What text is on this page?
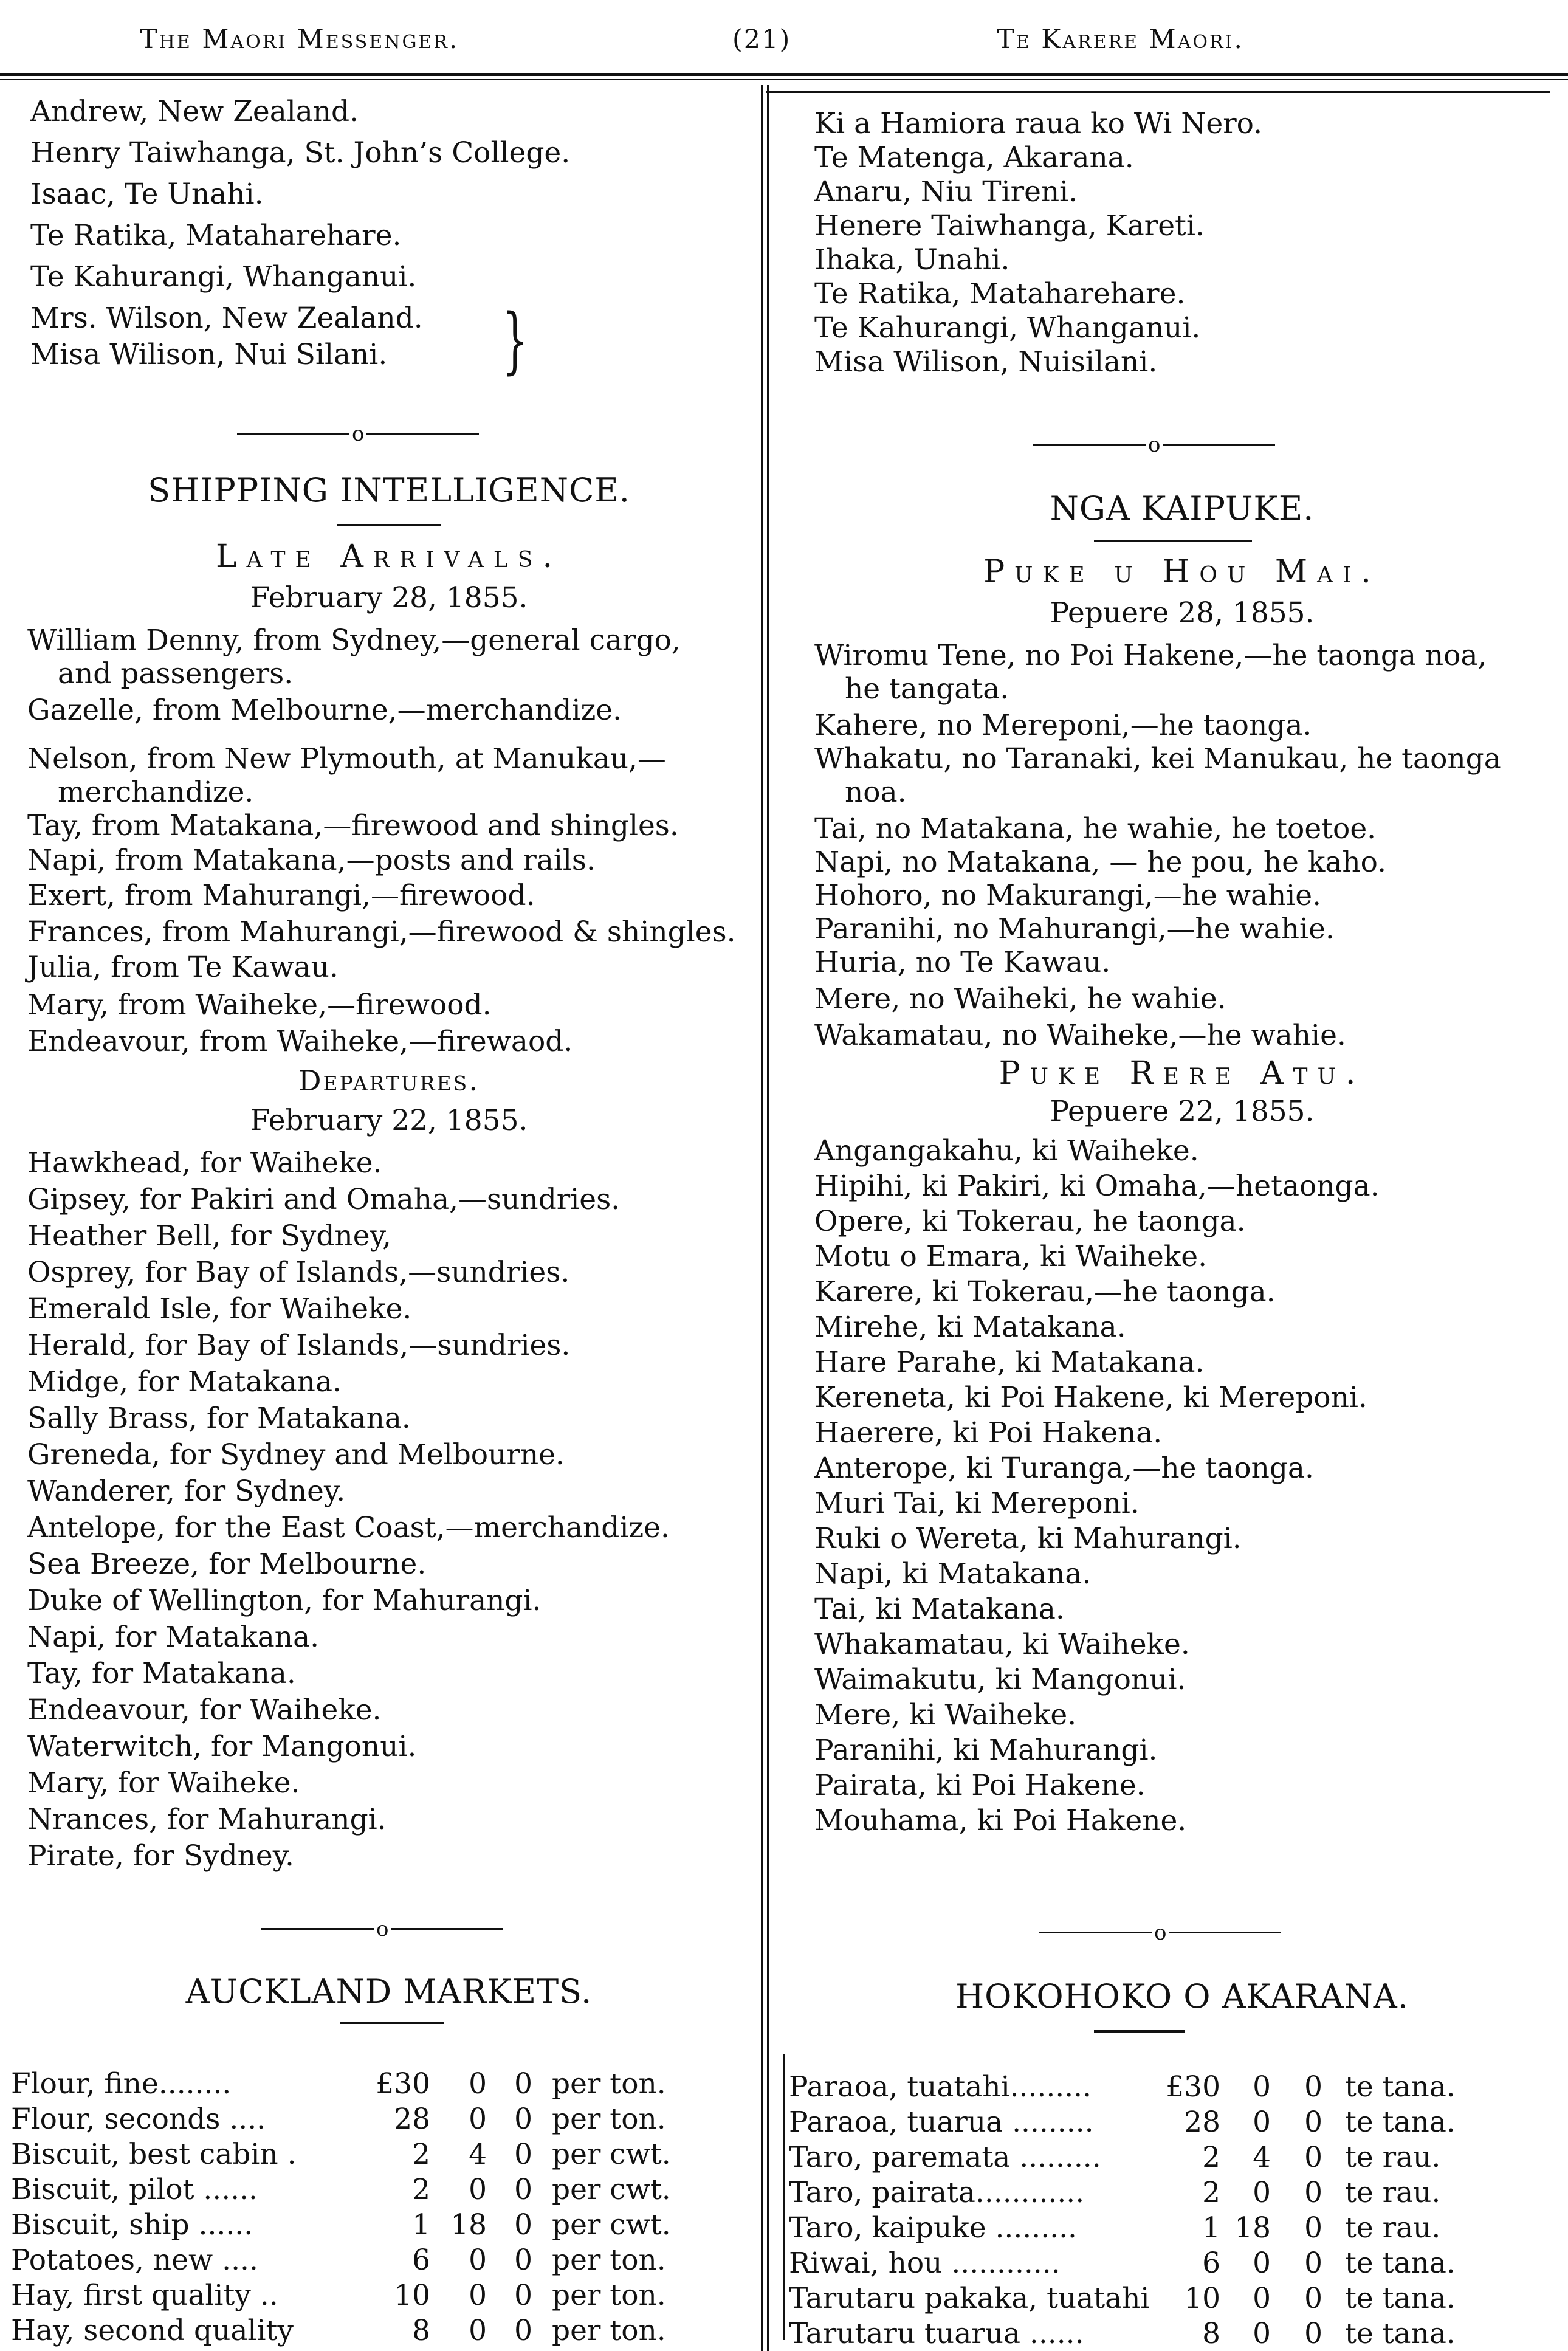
The Maori Messenger.	(21)	Te Karere Maori.
Andrew, New Zealand.
Henry Taiwhanga, St. John’s College.
Isaac, Te Unahi.
Te Ratika, Mataharehare.
Te Kahurangi, Whanganui.
Mrs. Wilson, New Zealand.
Misa Wilison, Nui Silani. }
o
SHIPPING INTELLIGENCE.
Late Arrivals.
February 28, 1855.
William Denny, from Sydney,—general cargo,
and passengers.
Gazelle, from Melbourne,—merchandize.
Nelson, from New Plymouth, at Manukau,—
merchandize.
Tay, from Matakana,—firewood and shingles.
Napi, from Matakana,—posts and rails.
Exert, from Mahurangi,—firewood.
Frances, from Mahurangi,—firewood & shingles.
Julia, from Te Kawau.
Mary, from Waiheke,—firewood.
Endeavour, from Waiheke,—firewaod.
Departures.
February 22, 1855.
Hawkhead, for Waiheke.
Gipsey, for Pakiri and Omaha,—sundries.
Heather Bell, for Sydney,
Osprey, for Bay of Islands,—sundries.
Emerald Isle, for Waiheke.
Herald, for Bay of Islands,—sundries.
Midge, for Matakana.
Sally Brass, for Matakana.
Greneda, for Sydney and Melbourne.
Wanderer, for Sydney.
Antelope, for the East Coast,—merchandize.
Sea Breeze, for Melbourne.
Duke of Wellington, for Mahurangi.
Napi, for Matakana.
Tay, for Matakana.
Endeavour, for Waiheke.
Waterwitch, for Mangonui.
Mary, for Waiheke.
Nrances, for Mahurangi.
Pirate, for Sydney.
o
AUCKLAND MARKETS.
Flour, fine........	£30	0 0 per ton.
Flour, seconds ....	28	0 0 per ton.
Biscuit, best cabin .	2	4 0 per cwt.
Biscuit, pilot ......	2	0 0 per cwt.
Biscuit, ship ......	1 18 0 per cwt.
Potatoes, new ....	6	0 0 per ton.
Hay, first quality ..	10	0 0 per ton.
Hay, second quality	8	0 0 per ton.
Ki a Hamiora raua ko Wi Nero.
Te Matenga, Akarana.
Anaru, Niu Tireni.
Henere Taiwhanga, Kareti.
Ihaka, Unahi.
Te Ratika, Mataharehare.
Te Kahurangi, Whanganui.
Misa Wilison, Nuisilani.
o
NGA KAIPUKE.
Puke u Hou Mai.
Pepuere 28, 1855.
Wiromu Tene, no Poi Hakene,—he taonga noa,
he tangata.
Kahere, no Mereponi,—he taonga.
Whakatu, no Taranaki, kei Manukau, he taonga
noa.
Tai, no Matakana, he wahie, he toetoe.
Napi, no Matakana, — he pou, he kaho.
Hohoro, no Makurangi,—he wahie.
Paranihi, no Mahurangi,—he wahie.
Huria, no Te Kawau.
Mere, no Waiheki, he wahie.
Wakamatau, no Waiheke,—he wahie.
Puke Rere Atu.
Pepuere 22, 1855.
Angangakahu, ki Waiheke.
Hipihi, ki Pakiri, ki Omaha,—hetaonga.
Opere, ki Tokerau, he taonga.
Motu o Emara, ki Waiheke.
Karere, ki Tokerau,—he taonga.
Mirehe, ki Matakana.
Hare Parahe, ki Matakana.
Kereneta, ki Poi Hakene, ki Mereponi.
Haerere, ki Poi Hakena.
Anterope, ki Turanga,—he taonga.
Muri Tai, ki Mereponi.
Ruki o Wereta, ki Mahurangi.
Napi, ki Matakana.
Tai, ki Matakana.
Whakamatau, ki Waiheke.
Waimakutu, ki Mangonui.
Mere, ki Waiheke.
Paranihi, ki Mahurangi.
Pairata, ki Poi Hakene.
Mouhama, ki Poi Hakene.
o
HOKOHOKO O AKARANA.
Paraoa, tuatahi.........	£30	0	0 te tana.
Paraoa, tuarua .........	28	0	0 te tana.
Taro, paremata .........	2	4	0 te rau.
Taro, pairata............	2	0	0 te rau.
Taro, kaipuke .........	1 18	0 te rau.
Riwai, hou ............	6	0	0 te tana.
Tarutaru pakaka, tuatahi	10	0	0 te tana.
Tarutaru tuarua ......	8	0	0 te tana.
